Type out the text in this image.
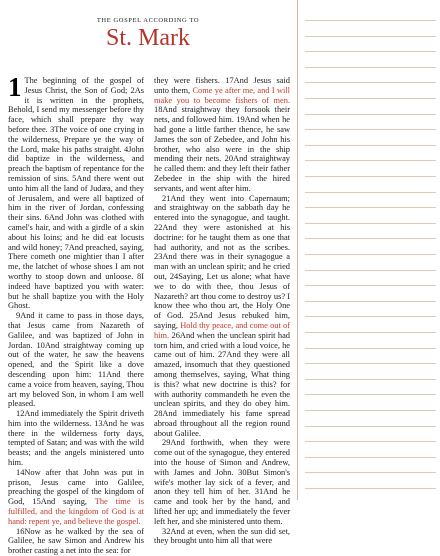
THE GOSPEL ACCORDING TO
St. Mark

1 The beginning of the gospel of Jesus Christ, the Son of God; 2As it is written in the prophets, Behold, I send my messenger before thy face, which shall prepare thy way before thee. 3The voice of one crying in the wilderness, Prepare ye the way of the Lord, make his paths straight. 4John did baptize in the wilderness, and preach the baptism of repentance for the remission of sins. 5And there went out unto him all the land of Judæa, and they of Jerusalem, and were all baptized of him in the river of Jordan, confessing their sins. 6And John was clothed with camel's hair, and with a girdle of a skin about his loins; and he did eat locusts and wild honey; 7And preached, saying, There cometh one mightier than I after me, the latchet of whose shoes I am not worthy to stoop down and unloose. 8I indeed have baptized you with water: but he shall baptize you with the Holy Ghost.

9And it came to pass in those days, that Jesus came from Nazareth of Galilee, and was baptized of John in Jordan. 10And straightway coming up out of the water, he saw the heavens opened, and the Spirit like a dove descending upon him: 11And there came a voice from heaven, saying, Thou art my beloved Son, in whom I am well pleased.

12And immediately the Spirit driveth him into the wilderness. 13And he was there in the wilderness forty days, tempted of Satan; and was with the wild beasts; and the angels ministered unto him.

14Now after that John was put in prison, Jesus came into Galilee, preaching the gospel of the kingdom of God, 15And saying, The time is fulfilled, and the kingdom of God is at hand: repent ye, and believe the gospel.

16Now as he walked by the sea of Galilee, he saw Simon and Andrew his brother casting a net into the sea: for

they were fishers. 17And Jesus said unto them, Come ye after me, and I will make you to become fishers of men. 18And straightway they forsook their nets, and followed him. 19And when he had gone a little farther thence, he saw James the son of Zebedee, and John his brother, who also were in the ship mending their nets. 20And straightway he called them: and they left their father Zebedee in the ship with the hired servants, and went after him.

21And they went into Capernaum; and straightway on the sabbath day he entered into the synagogue, and taught. 22And they were astonished at his doctrine: for he taught them as one that had authority, and not as the scribes. 23And there was in their synagogue a man with an unclean spirit; and he cried out, 24Saying, Let us alone; what have we to do with thee, thou Jesus of Nazareth? art thou come to destroy us? I know thee who thou art, the Holy One of God. 25And Jesus rebuked him, saying, Hold thy peace, and come out of him. 26And when the unclean spirit had torn him, and cried with a loud voice, he came out of him. 27And they were all amazed, insomuch that they questioned among themselves, saying, What thing is this? what new doctrine is this? for with authority commandeth he even the unclean spirits, and they do obey him. 28And immediately his fame spread abroad throughout all the region round about Galilee.

29And forthwith, when they were come out of the synagogue, they entered into the house of Simon and Andrew, with James and John. 30But Simon's wife's mother lay sick of a fever, and anon they tell him of her. 31And he came and took her by the hand, and lifted her up; and immediately the fever left her, and she ministered unto them.

32And at even, when the sun did set, they brought unto him all that were
